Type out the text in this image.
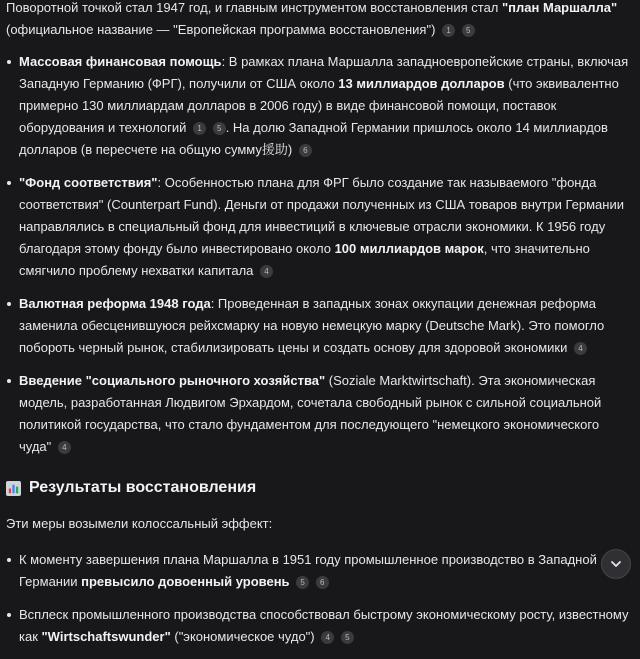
Поворотной точкой стал 1947 год, и главным инструментом восстановления стал "план Маршалла"
(официальное название — "Европейская программа восстановления") 1 5

Массовая финансовая помощь: В рамках плана Маршалла западноевропейские страны, включая Западную Германию (ФРГ), получили от США около 13 миллиардов долларов (что эквивалентно примерно 130 миллиардам долларов в 2006 году) в виде финансовой помощи, поставок оборудования и технологий 1 5 . На долю Западной Германии пришлось около 14 миллиардов долларов (в пересчете на общую сумму援助) 6
"Фонд соответствия": Особенностью плана для ФРГ было создание так называемого "фонда соответствия" (Counterpart Fund). Деньги от продажи полученных из США товаров внутри Германии направлялись в специальный фонд для инвестиций в ключевые отрасли экономики. К 1956 году благодаря этому фонду было инвестировано около 100 миллиардов марок, что значительно смягчило проблему нехватки капитала 4
Валютная реформа 1948 года: Проведенная в западных зонах оккупации денежная реформа заменила обесценившуюся рейхсмарку на новую немецкую марку (Deutsche Mark). Это помогло побороть черный рынок, стабилизировать цены и создать основу для здоровой экономики 4
Введение "социального рыночного хозяйства" (Soziale Marktwirtschaft). Эта экономическая модель, разработанная Людвигом Эрхардом, сочетала свободный рынок с сильной социальной политикой государства, что стало фундаментом для последующего "немецкого экономического чуда" 4
Результаты восстановления

Эти меры возымели колоссальный эффект:

К моменту завершения плана Маршалла в 1951 году промышленное производство в Западной Германии превысило довоенный уровень 5 6
Всплеск промышленного производства способствовал быстрому экономическому росту, известному как "Wirtschaftswunder" ("экономическое чудо") 4 5
